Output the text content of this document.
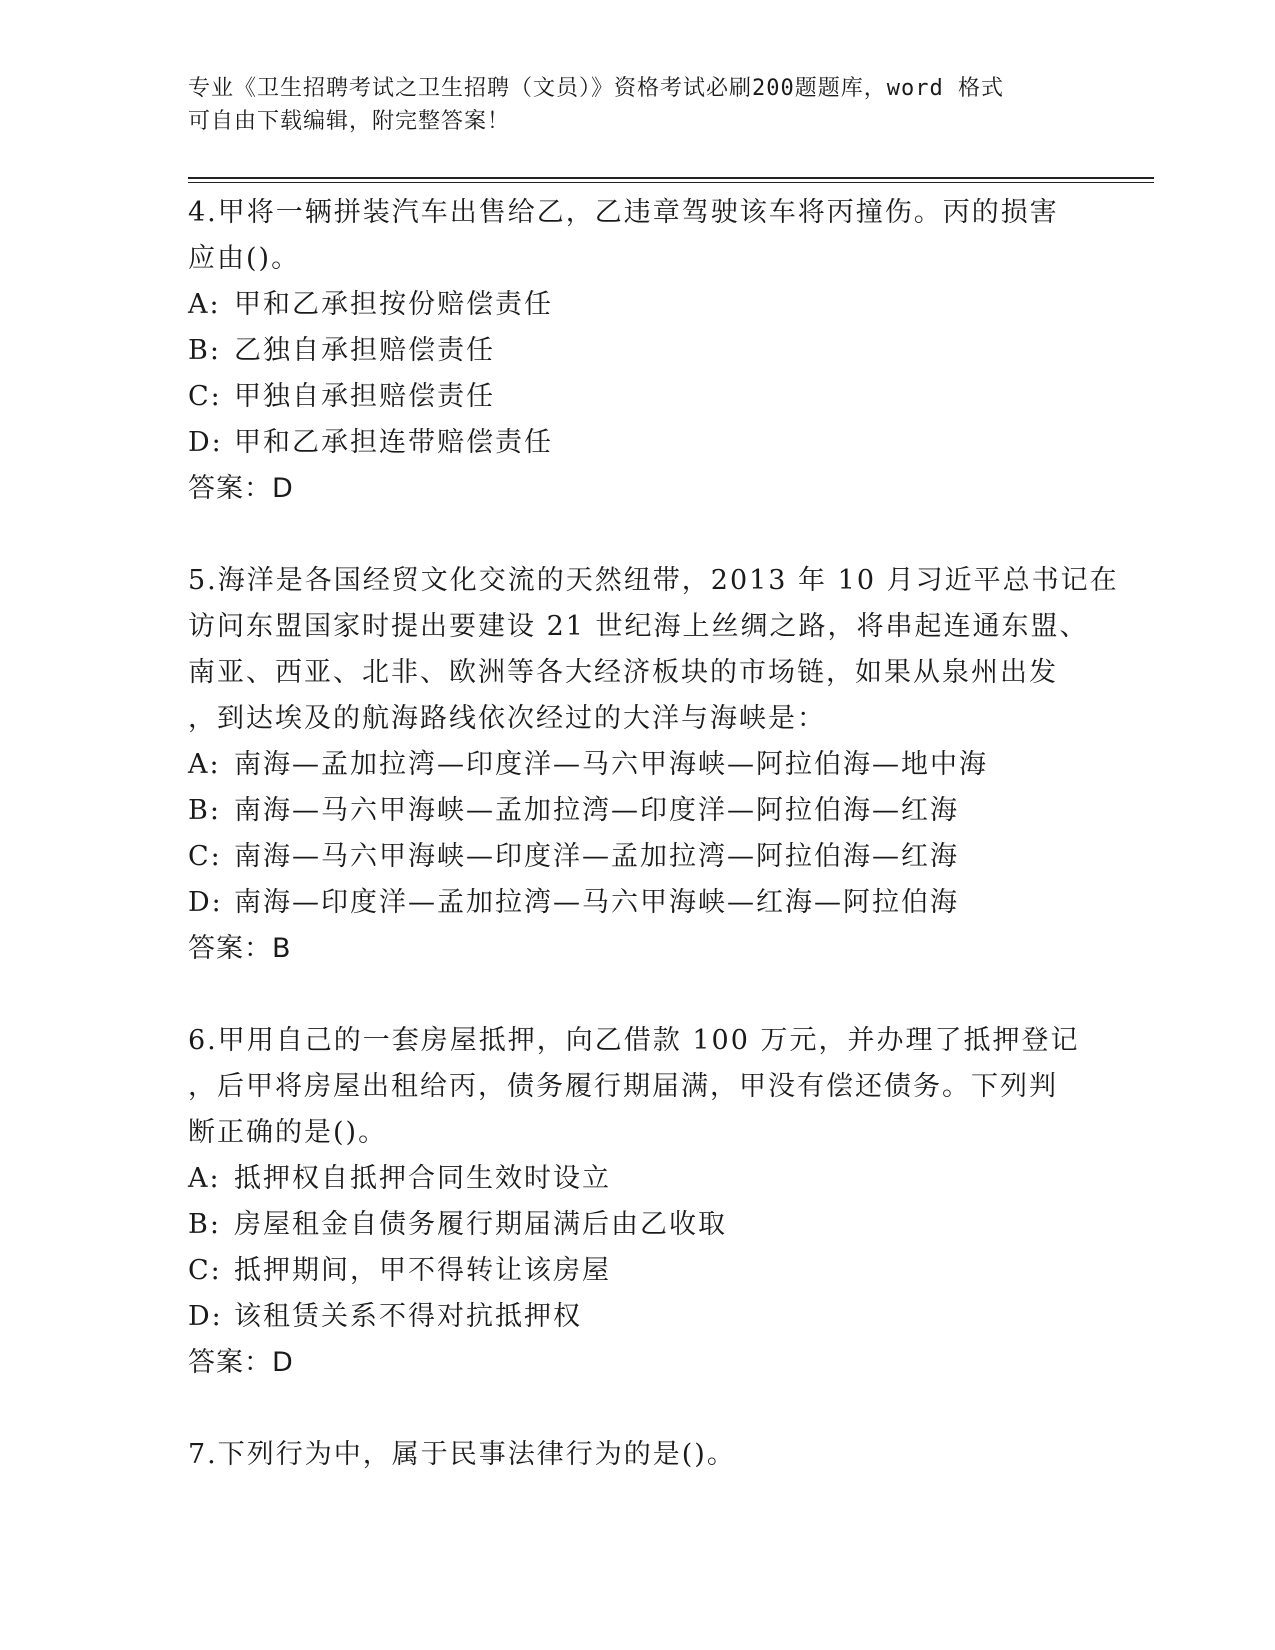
专业《卫生招聘考试之卫生招聘（文员）》资格考试必刷200题题库，word 格式
可自由下载编辑，附完整答案！
4.甲将一辆拼装汽车出售给乙，乙违章驾驶该车将丙撞伤。丙的损害
应由()。
A: 甲和乙承担按份赔偿责任
B: 乙独自承担赔偿责任
C: 甲独自承担赔偿责任
D: 甲和乙承担连带赔偿责任
答案：D
5.海洋是各国经贸文化交流的天然纽带，2013 年 10 月习近平总书记在
访问东盟国家时提出要建设 21 世纪海上丝绸之路，将串起连通东盟、
南亚、西亚、北非、欧洲等各大经济板块的市场链，如果从泉州出发
，到达埃及的航海路线依次经过的大洋与海峡是：
A: 南海—孟加拉湾—印度洋—马六甲海峡—阿拉伯海—地中海
B: 南海—马六甲海峡—孟加拉湾—印度洋—阿拉伯海—红海
C: 南海—马六甲海峡—印度洋—孟加拉湾—阿拉伯海—红海
D: 南海—印度洋—孟加拉湾—马六甲海峡—红海—阿拉伯海
答案：B
6.甲用自己的一套房屋抵押，向乙借款 100 万元，并办理了抵押登记
，后甲将房屋出租给丙，债务履行期届满，甲没有偿还债务。下列判
断正确的是()。
A: 抵押权自抵押合同生效时设立
B: 房屋租金自债务履行期届满后由乙收取
C: 抵押期间，甲不得转让该房屋
D: 该租赁关系不得对抗抵押权
答案：D
7.下列行为中，属于民事法律行为的是()。
